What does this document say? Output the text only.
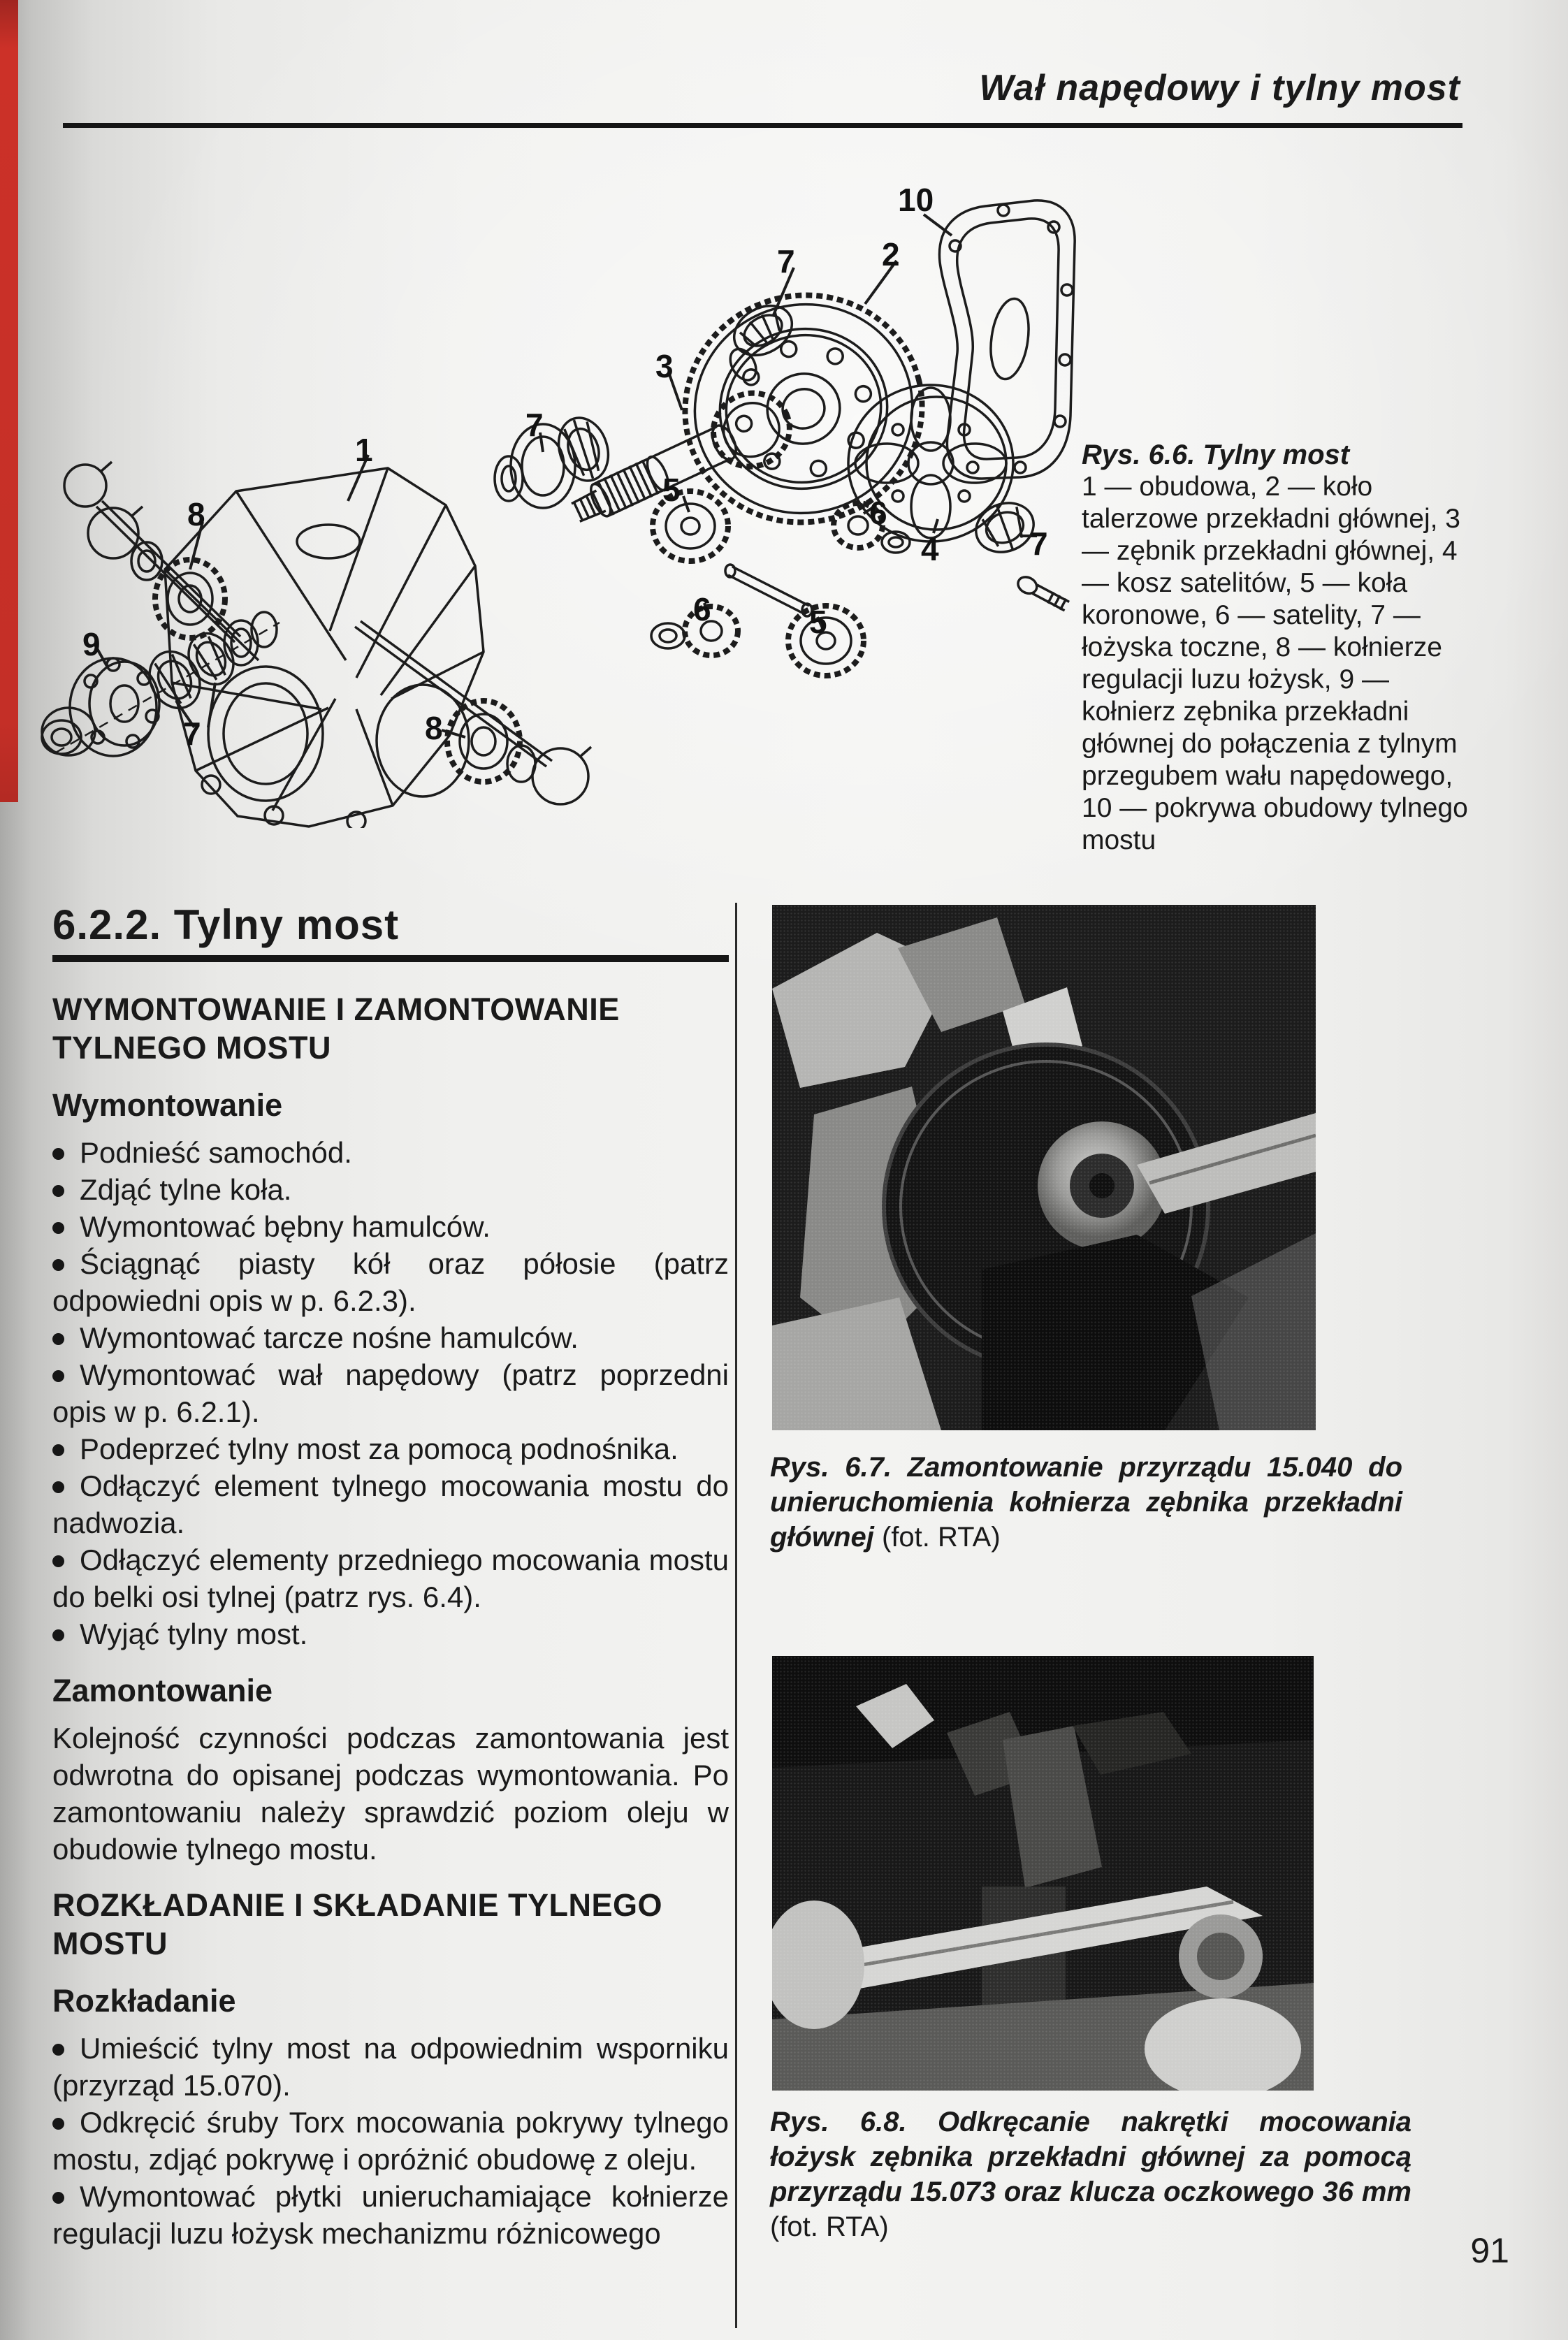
Wał napędowy i tylny most
10
2
7
3
7
1
5
6
4	7
8
6	5
9
7	8
Rys. 6.6. Tylny most
1 — obudowa, 2 — koło talerzowe przekładni głównej, 3 — zębnik przekładni głównej, 4 — kosz satelitów, 5 — koła koronowe, 6 — satelity, 7 — łożyska toczne, 8 — kołnierze regulacji luzu łożysk, 9 — kołnierz zębnika przekładni głównej do połączenia z tylnym przegubem wału napędowego, 10 — pokrywa obudowy tylnego mostu
6.2.2. Tylny most
WYMONTOWANIE I ZAMONTOWANIE TYLNEGO MOSTU
Wymontowanie
Podnieść samochód.
Zdjąć tylne koła.
Wymontować bębny hamulców.
Ściągnąć piasty kół oraz półosie (patrz odpowiedni opis w p. 6.2.3).
Wymontować tarcze nośne hamulców.
Wymontować wał napędowy (patrz poprzedni opis w p. 6.2.1).
Podeprzeć tylny most za pomocą podnośnika.
Odłączyć element tylnego mocowania mostu do nadwozia.
Odłączyć elementy przedniego mocowania mostu do belki osi tylnej (patrz rys. 6.4).
Wyjąć tylny most.
Zamontowanie

Kolejność czynności podczas zamontowania jest odwrotna do opisanej podczas wymontowania. Po zamontowaniu należy sprawdzić poziom oleju w obudowie tylnego mostu.

ROZKŁADANIE I SKŁADANIE TYLNEGO MOSTU
Rozkładanie
Umieścić tylny most na odpowiednim wsporniku (przyrząd 15.070).
Odkręcić śruby Torx mocowania pokrywy tylnego mostu, zdjąć pokrywę i opróżnić obudowę z oleju.
Wymontować płytki unieruchamiające kołnierze regulacji luzu łożysk mechanizmu różnicowego
Rys. 6.7. Zamontowanie przyrządu 15.040 do unieruchomienia kołnierza zębnika przekładni głównej (fot. RTA)
Rys. 6.8. Odkręcanie nakrętki mocowania łożysk zębnika przekładni głównej za pomocą przyrządu 15.073 oraz klucza oczkowego 36 mm (fot. RTA)
91
